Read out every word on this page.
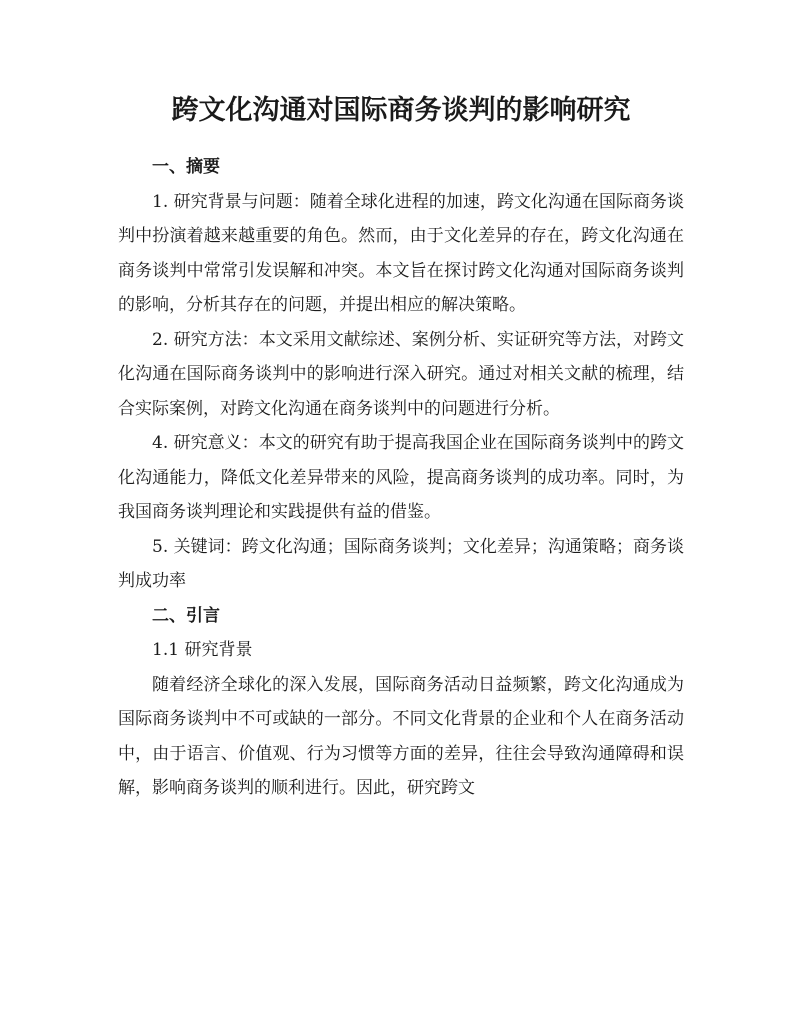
跨文化沟通对国际商务谈判的影响研究
一、摘要

1. 研究背景与问题：随着全球化进程的加速，跨文化沟通在国际商务谈判中扮演着越来越重要的角色。然而，由于文化差异的存在，跨文化沟通在商务谈判中常常引发误解和冲突。本文旨在探讨跨文化沟通对国际商务谈判的影响，分析其存在的问题，并提出相应的解决策略。

2. 研究方法：本文采用文献综述、案例分析、实证研究等方法，对跨文化沟通在国际商务谈判中的影响进行深入研究。通过对相关文献的梳理，结合实际案例，对跨文化沟通在商务谈判中的问题进行分析。

4. 研究意义：本文的研究有助于提高我国企业在国际商务谈判中的跨文化沟通能力，降低文化差异带来的风险，提高商务谈判的成功率。同时，为我国商务谈判理论和实践提供有益的借鉴。

5. 关键词：跨文化沟通；国际商务谈判；文化差异；沟通策略；商务谈判成功率

二、引言

1.1 研究背景

随着经济全球化的深入发展，国际商务活动日益频繁，跨文化沟通成为国际商务谈判中不可或缺的一部分。不同文化背景的企业和个人在商务活动中，由于语言、价值观、行为习惯等方面的差异，往往会导致沟通障碍和误解，影响商务谈判的顺利进行。因此，研究跨文
